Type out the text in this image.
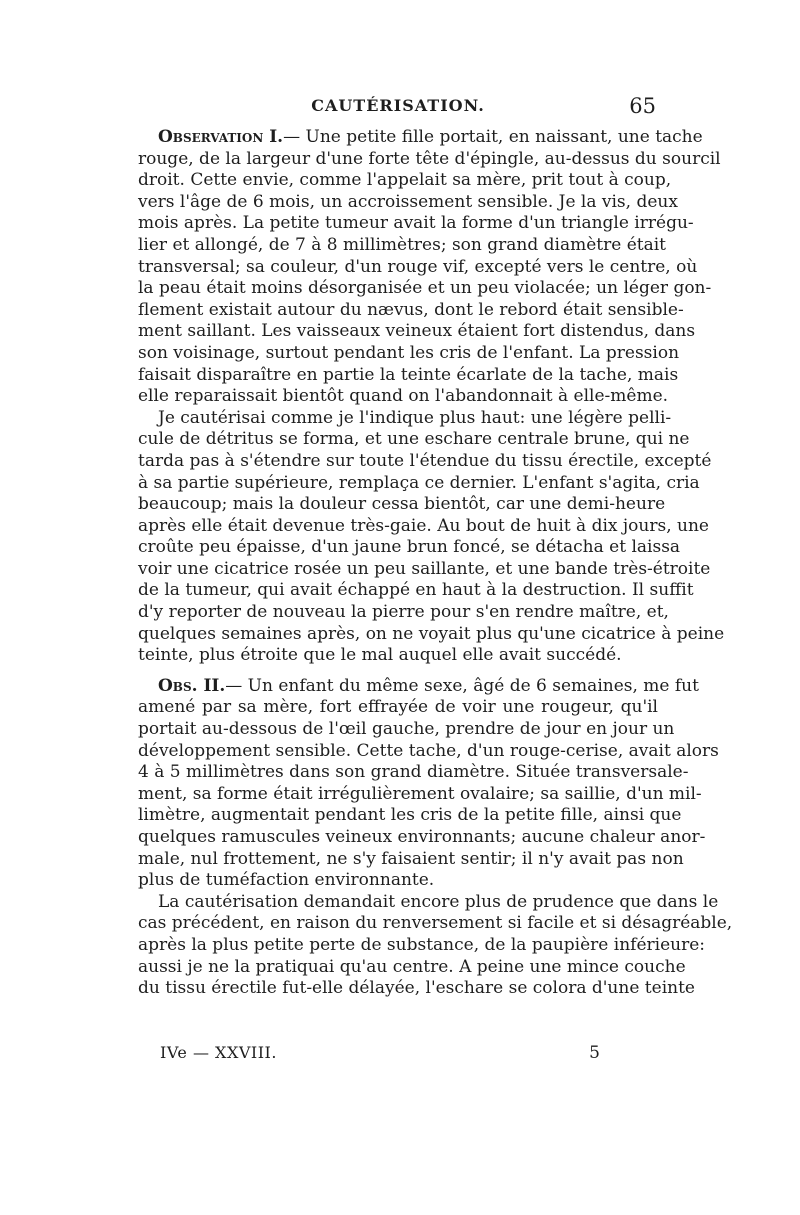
CAUTÉRISATION.	65
Observation I.— Une petite fille portait, en naissant, une tache
rouge, de la largeur d'une forte tête d'épingle, au-dessus du sourcil
droit. Cette envie, comme l'appelait sa mère, prit tout à coup,
vers l'âge de 6 mois, un accroissement sensible. Je la vis, deux
mois après. La petite tumeur avait la forme d'un triangle irrégu-
lier et allongé, de 7 à 8 millimètres; son grand diamètre était
transversal; sa couleur, d'un rouge vif, excepté vers le centre, où
la peau était moins désorganisée et un peu violacée; un léger gon-
flement existait autour du nævus, dont le rebord était sensible-
ment saillant. Les vaisseaux veineux étaient fort distendus, dans
son voisinage, surtout pendant les cris de l'enfant. La pression
faisait disparaître en partie la teinte écarlate de la tache, mais
elle reparaissait bientôt quand on l'abandonnait à elle-même.
Je cautérisai comme je l'indique plus haut: une légère pelli-
cule de détritus se forma, et une eschare centrale brune, qui ne
tarda pas à s'étendre sur toute l'étendue du tissu érectile, excepté
à sa partie supérieure, remplaça ce dernier. L'enfant s'agita, cria
beaucoup; mais la douleur cessa bientôt, car une demi-heure
après elle était devenue très-gaie. Au bout de huit à dix jours, une
croûte peu épaisse, d'un jaune brun foncé, se détacha et laissa
voir une cicatrice rosée un peu saillante, et une bande très-étroite
de la tumeur, qui avait échappé en haut à la destruction. Il suffit
d'y reporter de nouveau la pierre pour s'en rendre maître, et,
quelques semaines après, on ne voyait plus qu'une cicatrice à peine
teinte, plus étroite que le mal auquel elle avait succédé.
Obs. II.— Un enfant du même sexe, âgé de 6 semaines, me fut
amené par sa mère, fort effrayée de voir une rougeur, qu'il
portait au-dessous de l'œil gauche, prendre de jour en jour un
développement sensible. Cette tache, d'un rouge-cerise, avait alors
4 à 5 millimètres dans son grand diamètre. Située transversale-
ment, sa forme était irrégulièrement ovalaire; sa saillie, d'un mil-
limètre, augmentait pendant les cris de la petite fille, ainsi que
quelques ramuscules veineux environnants; aucune chaleur anor-
male, nul frottement, ne s'y faisaient sentir; il n'y avait pas non
plus de tuméfaction environnante.
La cautérisation demandait encore plus de prudence que dans le
cas précédent, en raison du renversement si facile et si désagréable,
après la plus petite perte de substance, de la paupière inférieure:
aussi je ne la pratiquai qu'au centre. A peine une mince couche
du tissu érectile fut-elle délayée, l'eschare se colora d'une teinte
IVe — XXVIII.	5
